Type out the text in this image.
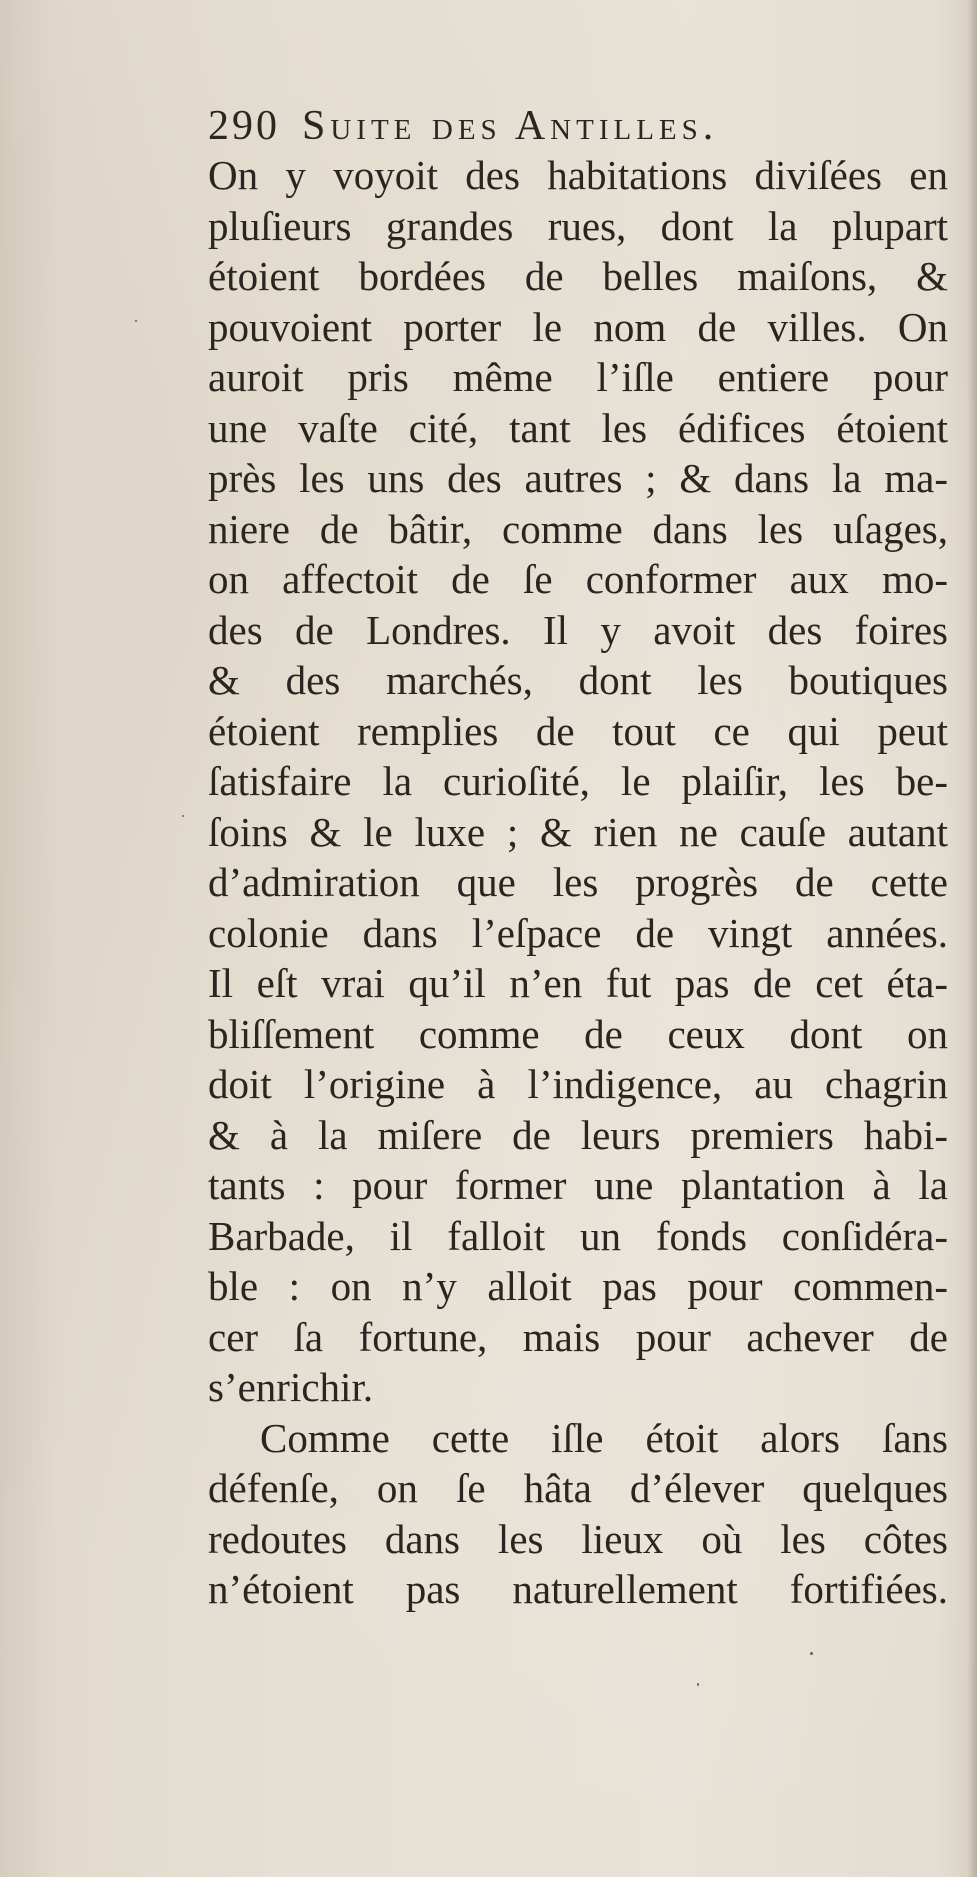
290 Suite des Antilles.
On y voyoit des habitations diviſées en
pluſieurs grandes rues, dont la plupart
étoient bordées de belles maiſons, &
pouvoient porter le nom de villes. On
auroit pris même l’iſle entiere pour
une vaſte cité, tant les édifices étoient
près les uns des autres ; & dans la ma-
niere de bâtir, comme dans les uſages,
on affectoit de ſe conformer aux mo-
des de Londres. Il y avoit des foires
& des marchés, dont les boutiques
étoient remplies de tout ce qui peut
ſatisfaire la curioſité, le plaiſir, les be-
ſoins & le luxe ; & rien ne cauſe autant
d’admiration que les progrès de cette
colonie dans l’eſpace de vingt années.
Il eſt vrai qu’il n’en fut pas de cet éta-
bliſſement comme de ceux dont on
doit l’origine à l’indigence, au chagrin
& à la miſere de leurs premiers habi-
tants : pour former une plantation à la
Barbade, il falloit un fonds conſidéra-
ble : on n’y alloit pas pour commen-
cer ſa fortune, mais pour achever de
s’enrichir.
Comme cette iſle étoit alors ſans
défenſe, on ſe hâta d’élever quelques
redoutes dans les lieux où les côtes
n’étoient pas naturellement fortifiées.
